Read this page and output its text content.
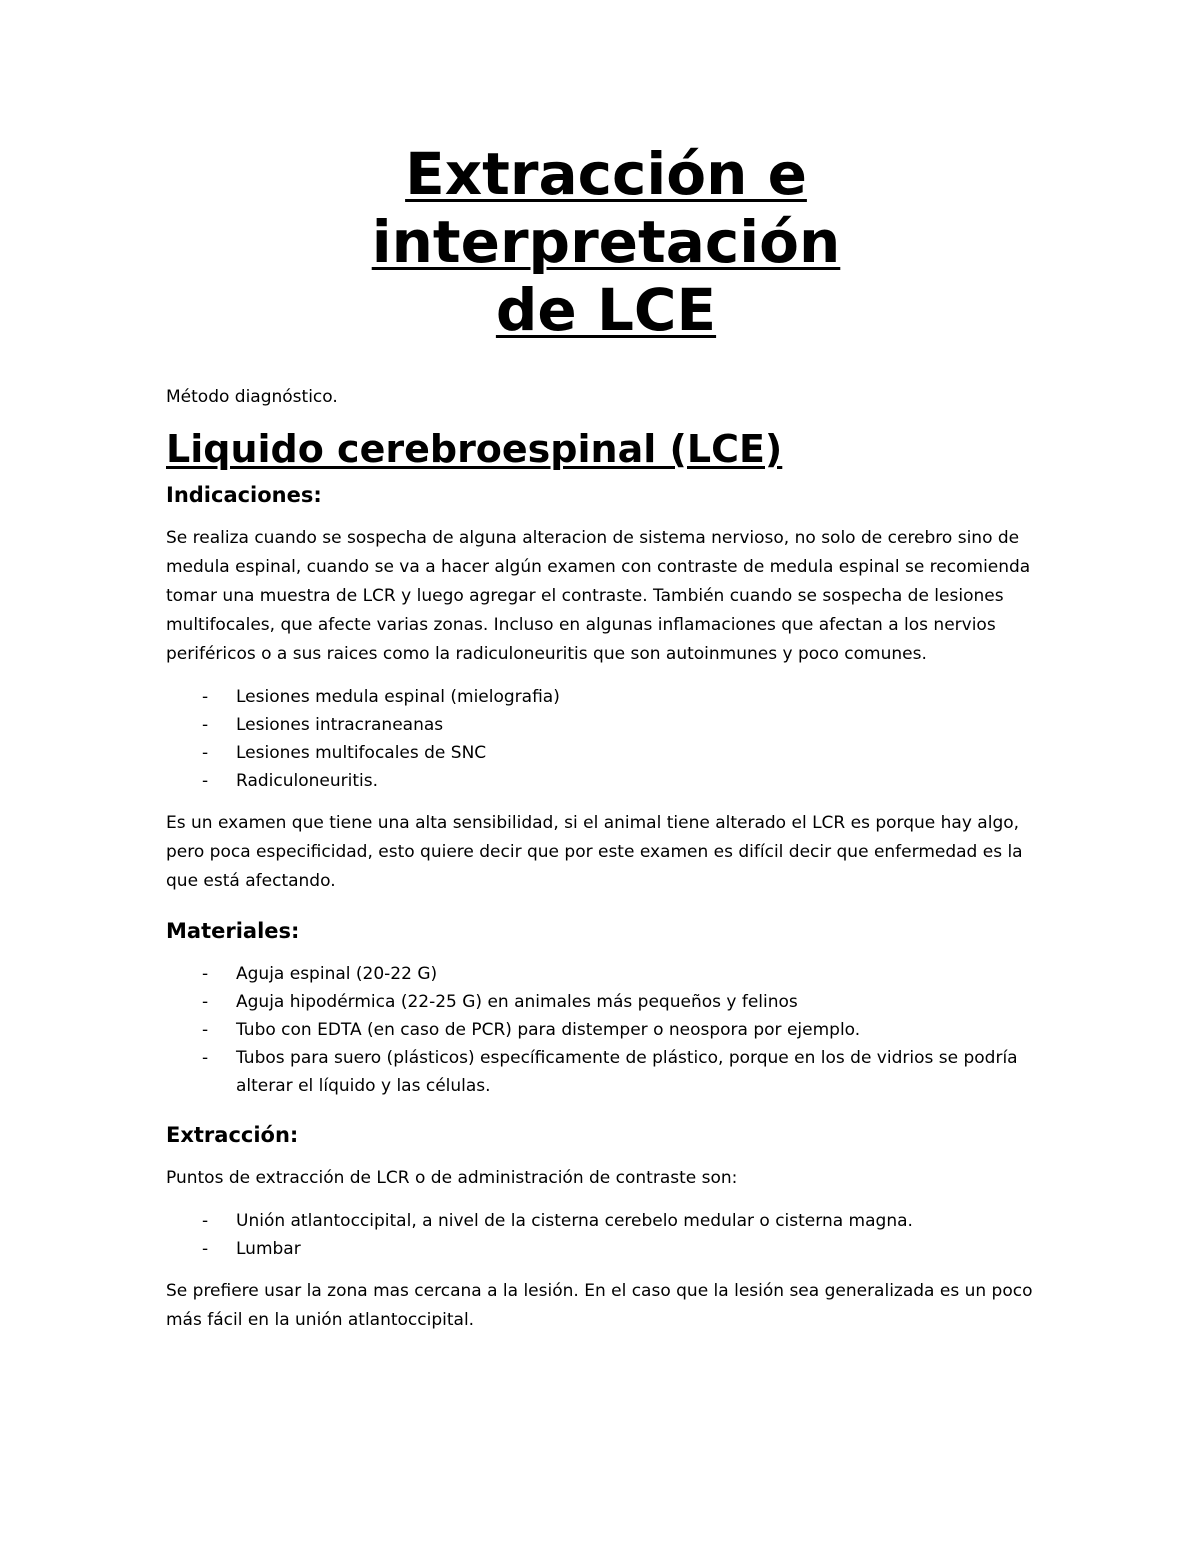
Extracción e interpretación
de LCE

Método diagnóstico.

Liquido cerebroespinal (LCE)
Indicaciones:

Se realiza cuando se sospecha de alguna alteracion de sistema nervioso, no solo de cerebro sino de medula espinal, cuando se va a hacer algún examen con contraste de medula espinal se recomienda tomar una muestra de LCR y luego agregar el contraste. También cuando se sospecha de lesiones multifocales, que afecte varias zonas. Incluso en algunas inflamaciones que afectan a los nervios periféricos o a sus raices como la radiculoneuritis que son autoinmunes y poco comunes.

- Lesiones medula espinal (mielografia)
- Lesiones intracraneanas
- Lesiones multifocales de SNC
- Radiculoneuritis.

Es un examen que tiene una alta sensibilidad, si el animal tiene alterado el LCR es porque hay algo, pero poca especificidad, esto quiere decir que por este examen es difícil decir que enfermedad es la que está afectando.

Materiales:
- Aguja espinal (20-22 G)
- Aguja hipodérmica (22-25 G) en animales más pequeños y felinos
- Tubo con EDTA (en caso de PCR) para distemper o neospora por ejemplo.
- Tubos para suero (plásticos) específicamente de plástico, porque en los de vidrios se podría alterar el líquido y las células.
Extracción:

Puntos de extracción de LCR o de administración de contraste son:

- Unión atlantoccipital, a nivel de la cisterna cerebelo medular o cisterna magna.
- Lumbar

Se prefiere usar la zona mas cercana a la lesión. En el caso que la lesión sea generalizada es un poco más fácil en la unión atlantoccipital.
